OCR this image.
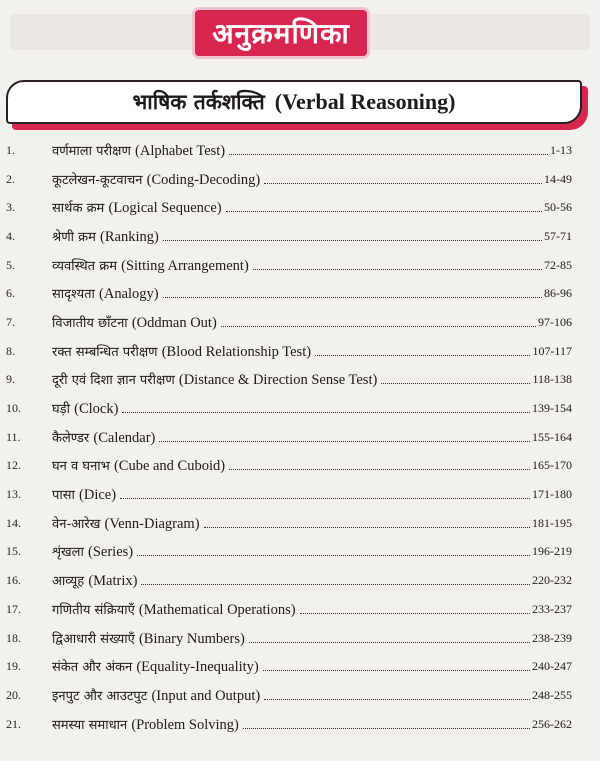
अनुक्रमणिका
भाषिक तर्कशक्ति (Verbal Reasoning)
1.	वर्णमाला परीक्षण (Alphabet Test)	1-13
2.	कूटलेखन-कूटवाचन (Coding-Decoding)	14-49
3.	सार्थक क्रम (Logical Sequence)	50-56
4.	श्रेणी क्रम (Ranking)	57-71
5.	व्यवस्थित क्रम (Sitting Arrangement)	72-85
6.	सादृश्यता (Analogy)	86-96
7.	विजातीय छाँटना (Oddman Out)	97-106
8.	रक्त सम्बन्धित परीक्षण (Blood Relationship Test)	107-117
9.	दूरी एवं दिशा ज्ञान परीक्षण (Distance & Direction Sense Test)	118-138
10.	घड़ी (Clock)	139-154
11.	कैलेण्डर (Calendar)	155-164
12.	घन व घनाभ (Cube and Cuboid)	165-170
13.	पासा (Dice)	171-180
14.	वेन-आरेख (Venn-Diagram)	181-195
15.	शृंखला (Series)	196-219
16.	आव्यूह (Matrix)	220-232
17.	गणितीय संक्रियाएँ (Mathematical Operations)	233-237
18.	द्विआधारी संख्याएँ (Binary Numbers)	238-239
19.	संकेत और अंकन (Equality-Inequality)	240-247
20.	इनपुट और आउटपुट (Input and Output)	248-255
21.	समस्या समाधान (Problem Solving)	256-262
